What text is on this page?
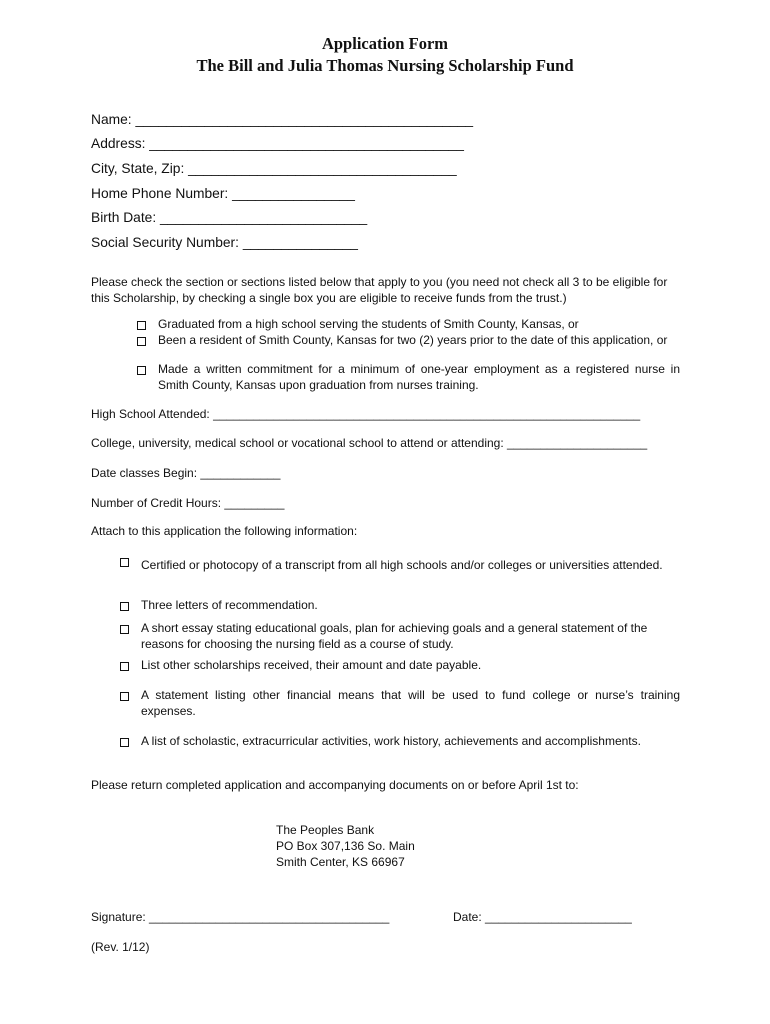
Application Form
The Bill and Julia Thomas Nursing Scholarship Fund
Name: ____________________________________________
Address: _________________________________________
City, State, Zip: ___________________________________
Home Phone Number: ________________
Birth Date: ___________________________
Social Security Number: _______________
Please check the section or sections listed below that apply to you (you need not check all 3 to be eligible for this Scholarship, by checking a single box you are eligible to receive funds from the trust.)
Graduated from a high school serving the students of Smith County, Kansas, or
Been a resident of Smith County, Kansas for two (2) years prior to the date of this application, or
Made a written commitment for a minimum of one-year employment as a registered nurse in Smith County, Kansas upon graduation from nurses training.
High School Attended: ________________________________________________________________
College, university, medical school or vocational school to attend or attending: _____________________
Date classes Begin: ____________
Number of Credit Hours: _________
Attach to this application the following information:
Certified or photocopy of a transcript from all high schools and/or colleges or universities attended.
Three letters of recommendation.
A short essay stating educational goals, plan for achieving goals and a general statement of the reasons for choosing the nursing field as a course of study.
List other scholarships received, their amount and date payable.
A statement listing other financial means that will be used to fund college or nurse’s training expenses.
A list of scholastic, extracurricular activities, work history, achievements and accomplishments.
Please return completed application and accompanying documents on or before April 1st to:
The Peoples Bank
PO Box 307,136 So. Main
Smith Center, KS 66967
Signature: ____________________________________	Date: ______________________
(Rev. 1/12)
